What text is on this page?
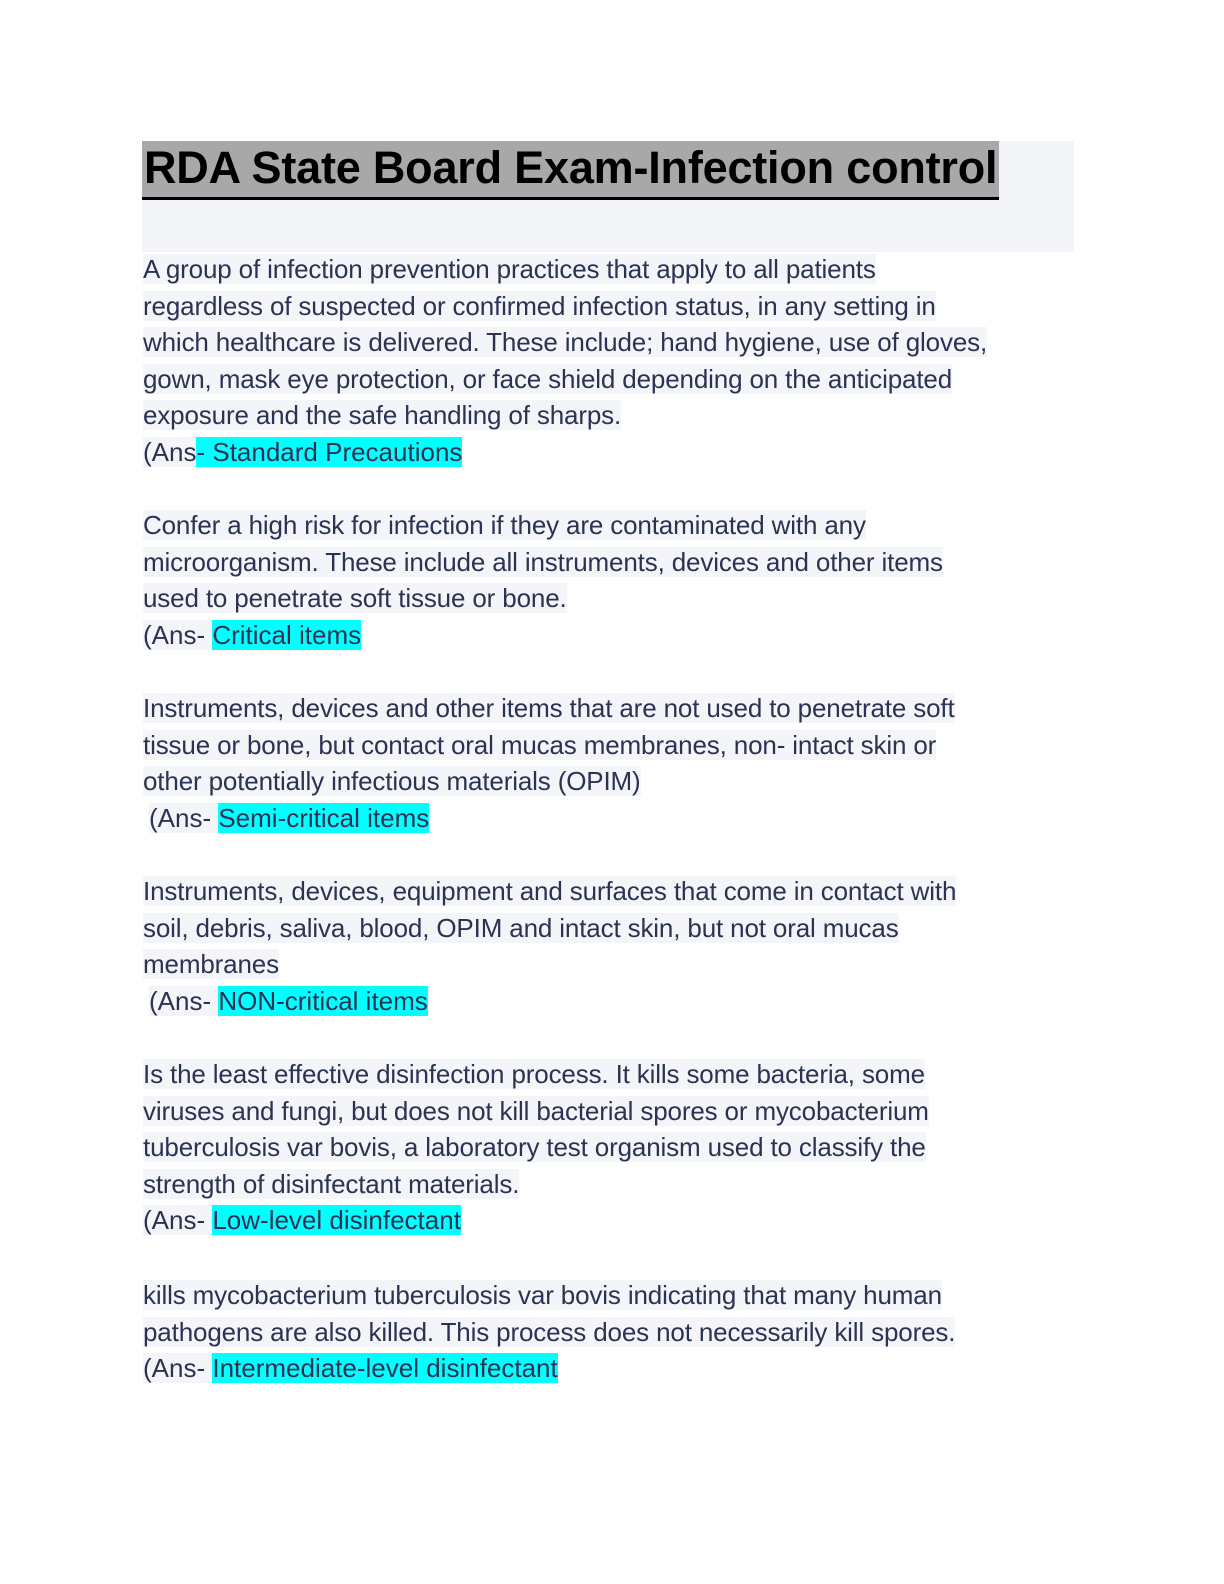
RDA State Board Exam-Infection control
A group of infection prevention practices that apply to all patients
regardless of suspected or confirmed infection status, in any setting in
which healthcare is delivered. These include; hand hygiene, use of gloves,
gown, mask eye protection, or face shield depending on the anticipated
exposure and the safe handling of sharps.
(Ans- Standard Precautions
Confer a high risk for infection if they are contaminated with any
microorganism. These include all instruments, devices and other items
used to penetrate soft tissue or bone.
(Ans- Critical items
Instruments, devices and other items that are not used to penetrate soft
tissue or bone, but contact oral mucas membranes, non- intact skin or
other potentially infectious materials (OPIM)
(Ans- Semi-critical items
Instruments, devices, equipment and surfaces that come in contact with
soil, debris, saliva, blood, OPIM and intact skin, but not oral mucas
membranes
(Ans- NON-critical items
Is the least effective disinfection process. It kills some bacteria, some
viruses and fungi, but does not kill bacterial spores or mycobacterium
tuberculosis var bovis, a laboratory test organism used to classify the
strength of disinfectant materials.
(Ans- Low-level disinfectant
kills mycobacterium tuberculosis var bovis indicating that many human
pathogens are also killed. This process does not necessarily kill spores.
(Ans- Intermediate-level disinfectant
